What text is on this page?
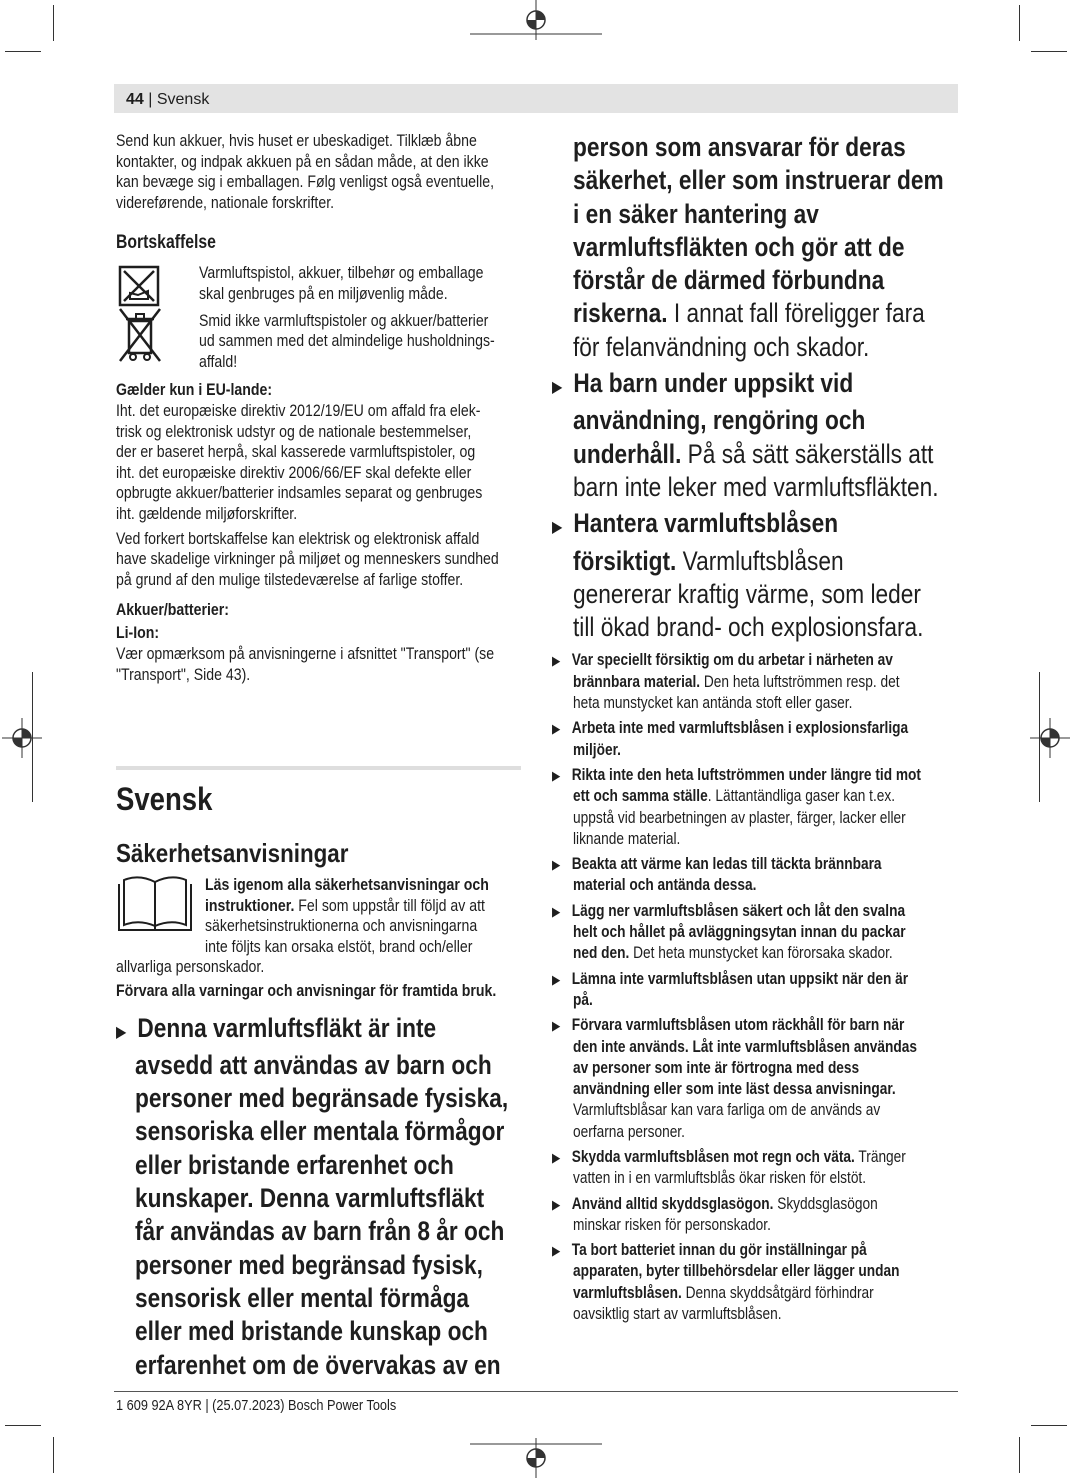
44 | Svensk

Send kun akkuer, hvis huset er ubeskadiget. Tilklæb åbne

kontakter, og indpak akkuen på en sådan måde, at den ikke

kan bevæge sig i emballagen. Følg venligst også eventuelle,

videreførende, nationale forskrifter.

Bortskaffelse

Varmluftspistol, akkuer, tilbehør og emballage

skal genbruges på en miljøvenlig måde.

Smid ikke varmluftspistoler og akkuer/batterier

ud sammen med det almindelige husholdnings-

affald!

Gælder kun i EU-lande:

Iht. det europæiske direktiv 2012/19/EU om affald fra elek-

trisk og elektronisk udstyr og de nationale bestemmelser,

der er baseret herpå, skal kasserede varmluftspistoler, og

iht. det europæiske direktiv 2006/66/EF skal defekte eller

opbrugte akkuer/batterier indsamles separat og genbruges

iht. gældende miljøforskrifter.

Ved forkert bortskaffelse kan elektrisk og elektronisk affald

have skadelige virkninger på miljøet og menneskers sundhed

på grund af den mulige tilstedeværelse af farlige stoffer.

Akkuer/batterier:

Li-Ion:

Vær opmærksom på anvisningerne i afsnittet "Transport" (se

"Transport", Side 43).

Svensk
Säkerhetsanvisningar

Läs igenom alla säkerhetsanvisningar och

instruktioner. Fel som uppstår till följd av att

säkerhetsinstruktionerna och anvisningarna

inte följts kan orsaka elstöt, brand och/eller

allvarliga personskador.

Förvara alla varningar och anvisningar för framtida bruk.

▶ Denna varmluftsfläkt är inte

avsedd att användas av barn och

personer med begränsade fysiska,

sensoriska eller mentala förmågor

eller bristande erfarenhet och

kunskaper. Denna varmluftsfläkt

får användas av barn från 8 år och

personer med begränsad fysisk,

sensorisk eller mental förmåga

eller med bristande kunskap och

erfarenhet om de övervakas av en

person som ansvarar för deras

säkerhet, eller som instruerar dem

i en säker hantering av

varmluftsfläkten och gör att de

förstår de därmed förbundna

riskerna. I annat fall föreligger fara

för felanvändning och skador.

▶ Ha barn under uppsikt vid

användning, rengöring och

underhåll. På så sätt säkerställs att

barn inte leker med varmluftsfläkten.

▶ Hantera varmluftsblåsen

försiktigt. Varmluftsblåsen

genererar kraftig värme, som leder

till ökad brand- och explosionsfara.

▶ Var speciellt försiktig om du arbetar i närheten av

brännbara material. Den heta luftströmmen resp. det

heta munstycket kan antända stoft eller gaser.

▶ Arbeta inte med varmluftsblåsen i explosionsfarliga

miljöer.

▶ Rikta inte den heta luftströmmen under längre tid mot

ett och samma ställe. Lättantändliga gaser kan t.ex.

uppstå vid bearbetningen av plaster, färger, lacker eller

liknande material.

▶ Beakta att värme kan ledas till täckta brännbara

material och antända dessa.

▶ Lägg ner varmluftsblåsen säkert och låt den svalna

helt och hållet på avläggningsytan innan du packar

ned den. Det heta munstycket kan förorsaka skador.

▶ Lämna inte varmluftsblåsen utan uppsikt när den är

på.

▶ Förvara varmluftsblåsen utom räckhåll för barn när

den inte används. Låt inte varmluftsblåsen användas

av personer som inte är förtrogna med dess

användning eller som inte läst dessa anvisningar.

Varmluftsblåsar kan vara farliga om de används av

oerfarna personer.

▶ Skydda varmluftsblåsen mot regn och väta. Tränger

vatten in i en varmluftsblås ökar risken för elstöt.

▶ Använd alltid skyddsglasögon. Skyddsglasögon

minskar risken för personskador.

▶ Ta bort batteriet innan du gör inställningar på

apparaten, byter tillbehörsdelar eller lägger undan

varmluftsblåsen. Denna skyddsåtgärd förhindrar

oavsiktlig start av varmluftsblåsen.

1 609 92A 8YR | (25.07.2023) Bosch Power Tools
